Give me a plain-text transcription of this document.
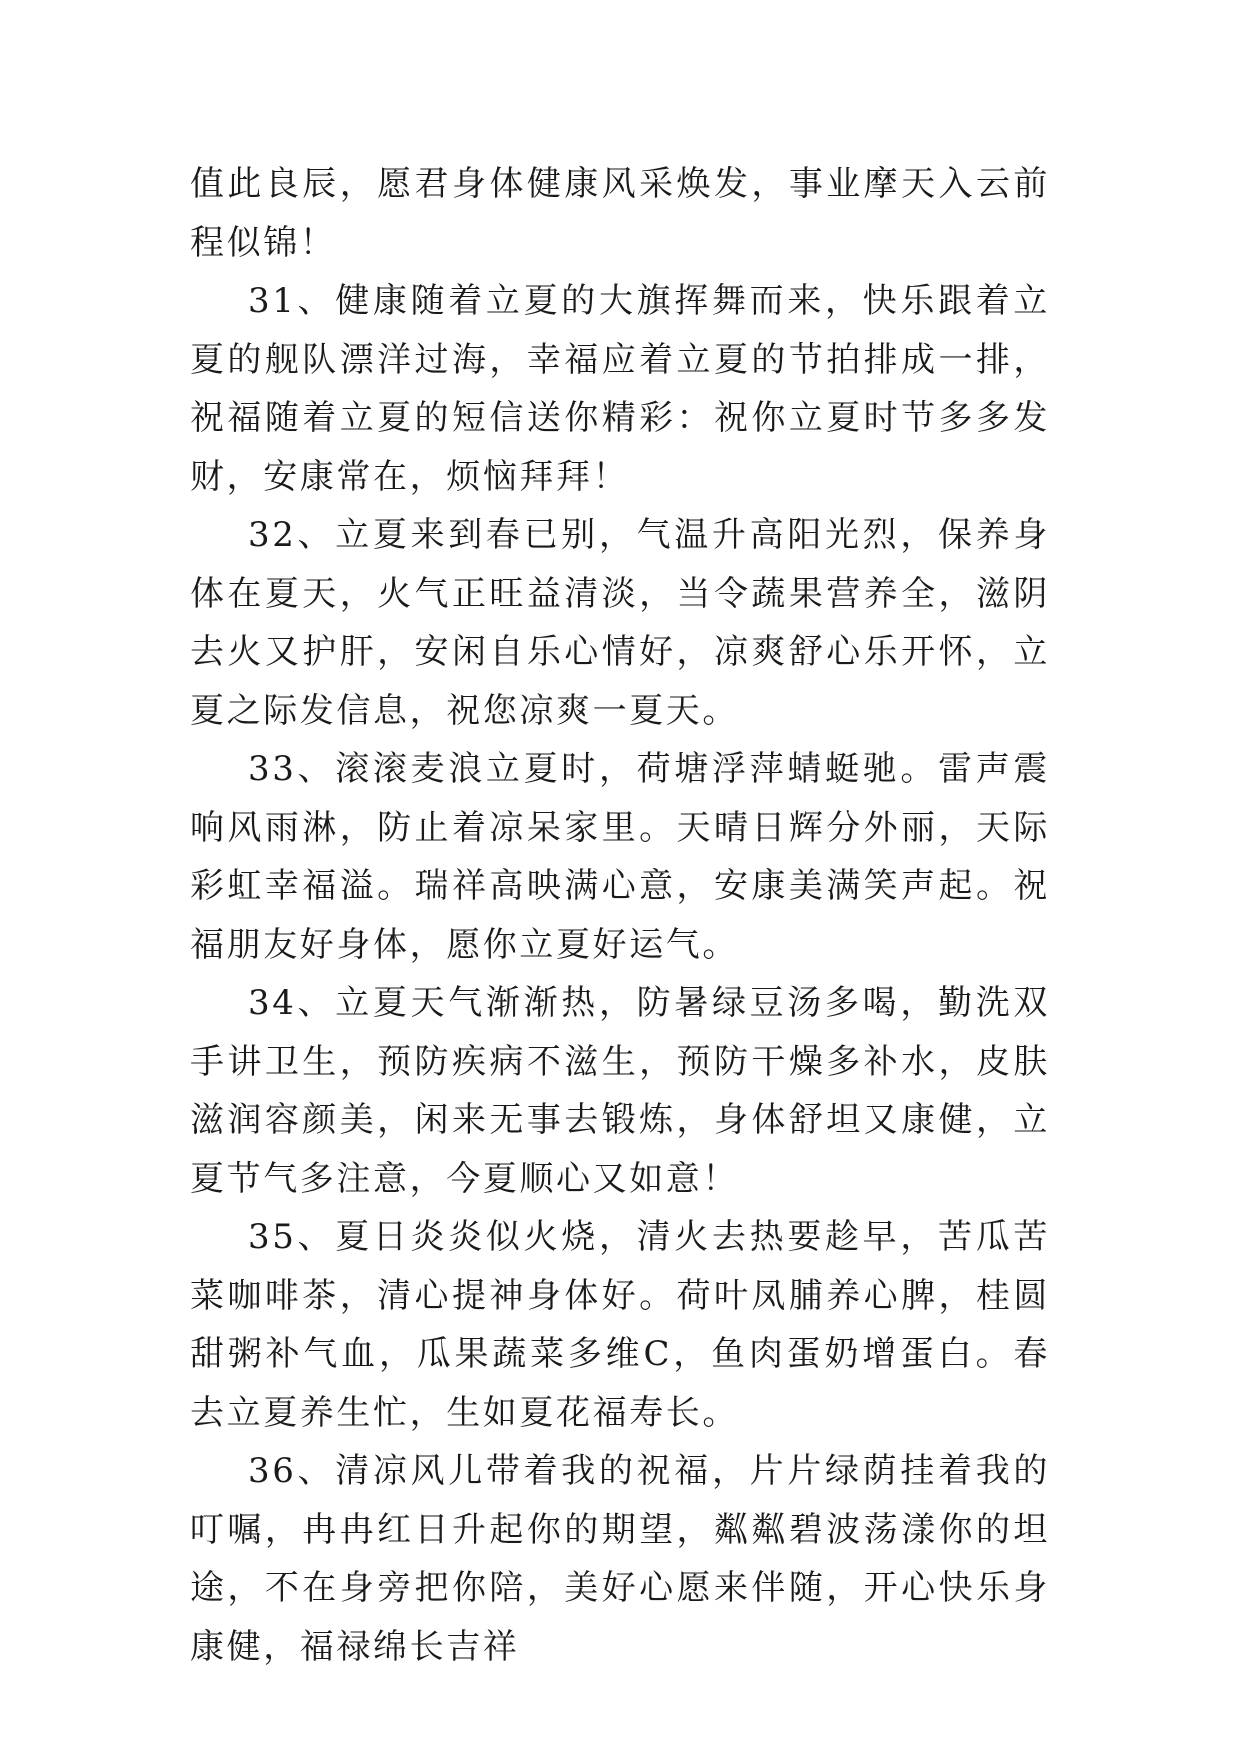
值此良辰，愿君身体健康风采焕发，事业摩天入云前程似锦！

31、健康随着立夏的大旗挥舞而来，快乐跟着立夏的舰队漂洋过海，幸福应着立夏的节拍排成一排，祝福随着立夏的短信送你精彩：祝你立夏时节多多发财，安康常在，烦恼拜拜！

32、立夏来到春已别，气温升高阳光烈，保养身体在夏天，火气正旺益清淡，当令蔬果营养全，滋阴去火又护肝，安闲自乐心情好，凉爽舒心乐开怀，立夏之际发信息，祝您凉爽一夏天。

33、滚滚麦浪立夏时，荷塘浮萍蜻蜓驰。雷声震响风雨淋，防止着凉呆家里。天晴日辉分外丽，天际彩虹幸福溢。瑞祥高映满心意，安康美满笑声起。祝福朋友好身体，愿你立夏好运气。

34、立夏天气渐渐热，防暑绿豆汤多喝，勤洗双手讲卫生，预防疾病不滋生，预防干燥多补水，皮肤滋润容颜美，闲来无事去锻炼，身体舒坦又康健，立夏节气多注意，今夏顺心又如意！

35、夏日炎炎似火烧，清火去热要趁早，苦瓜苦菜咖啡茶，清心提神身体好。荷叶凤脯养心脾，桂圆甜粥补气血，瓜果蔬菜多维C，鱼肉蛋奶增蛋白。春去立夏养生忙，生如夏花福寿长。

36、清凉风儿带着我的祝福，片片绿荫挂着我的叮嘱，冉冉红日升起你的期望，粼粼碧波荡漾你的坦途，不在身旁把你陪，美好心愿来伴随，开心快乐身康健，福禄绵长吉祥
